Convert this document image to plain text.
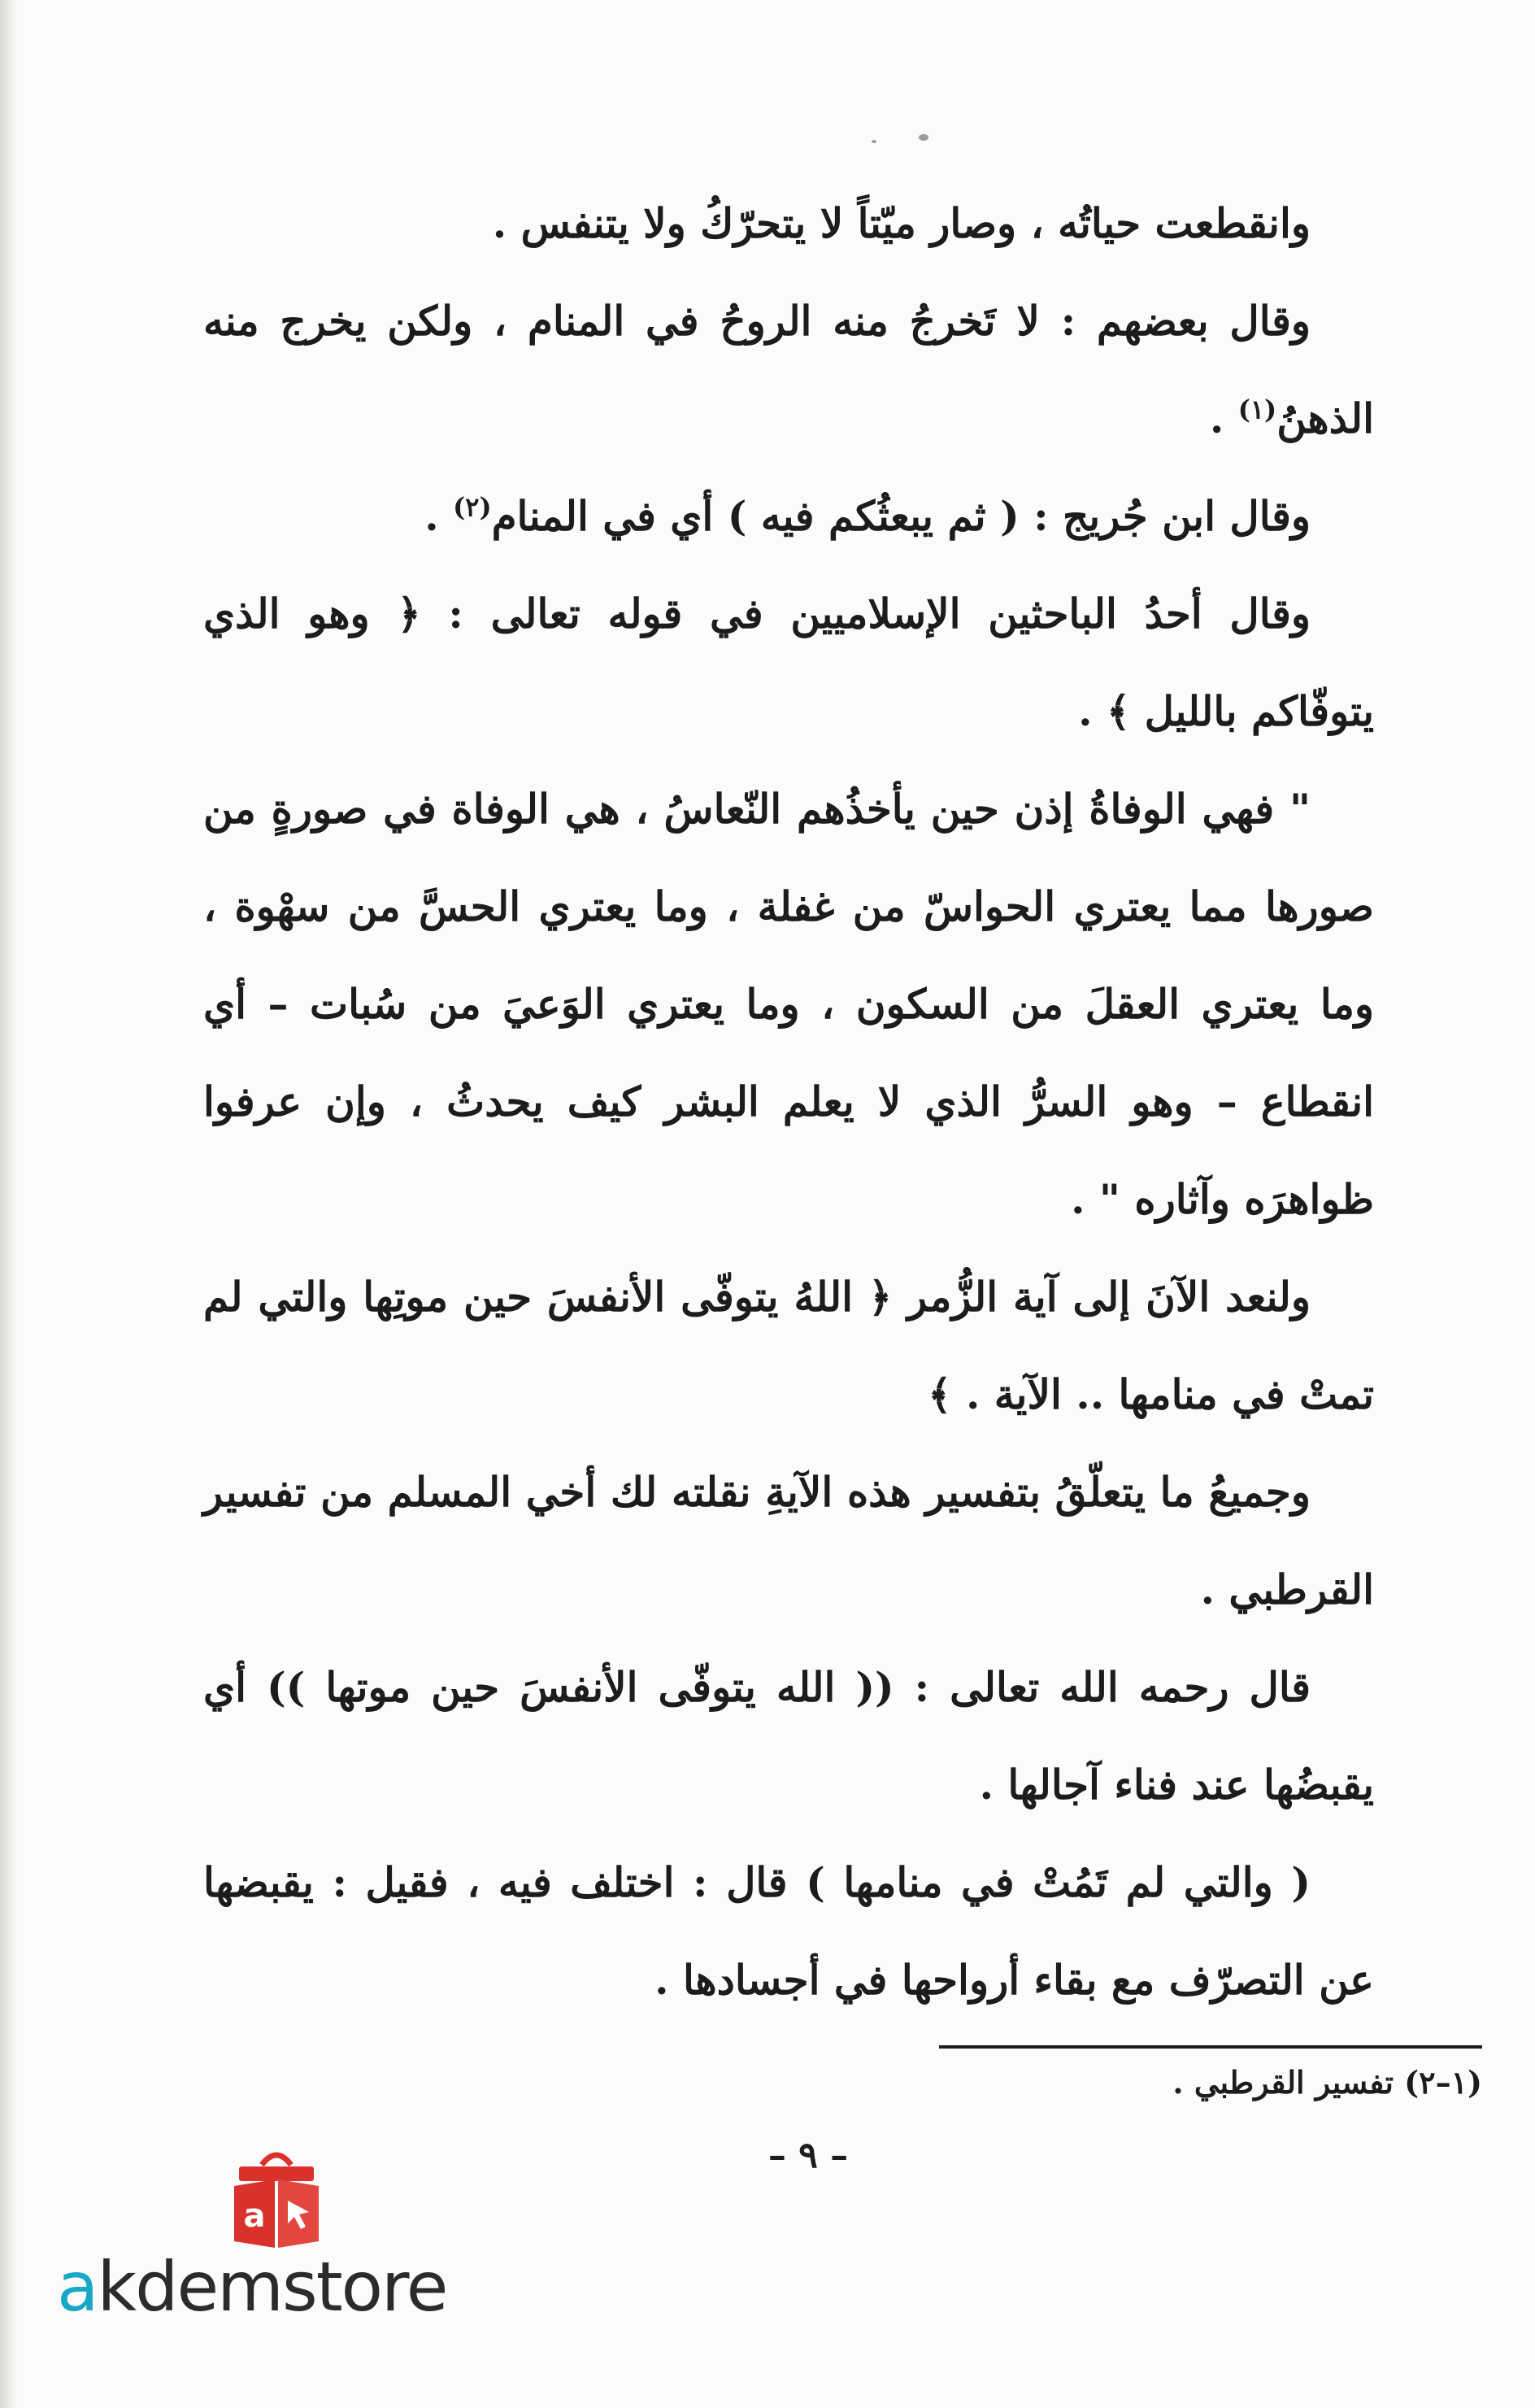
وانقطعت حياتُه ، وصار ميّتاً لا يتحرّكُ ولا يتنفس .

وقال بعضهم : لا تَخرجُ منه الروحُ في المنام ، ولكن يخرج منه الذهنُ$^{(١)}$ .

وقال ابن جُريج : ( ثم يبعثُكم فيه ) أي في المنام$^{(٢)}$ .

وقال أحدُ الباحثين الإسلاميين في قوله تعالى : ﴿ وهو الذي يتوفّاكم بالليل ﴾ .

" فهي الوفاةُ إذن حين يأخذُهم النّعاسُ ، هي الوفاة في صورةٍ من صورها مما يعتري الحواسّ من غفلة ، وما يعتري الحسَّ من سهْوة ، وما يعتري العقلَ من السكون ، وما يعتري الوَعيَ من سُبات – أي انقطاع – وهو السرُّ الذي لا يعلم البشر كيف يحدثُ ، وإن عرفوا ظواهرَه وآثاره " .

ولنعد الآنَ إلى آية الزُّمر ﴿ اللهُ يتوفّى الأنفسَ حين موتِها والتي لم تمتْ في منامها .. الآية . ﴾

وجميعُ ما يتعلّقُ بتفسير هذه الآيةِ نقلته لك أخي المسلم من تفسير القرطبي .

قال رحمه الله تعالى : (( الله يتوفّى الأنفسَ حين موتها )) أي يقبضُها عند فناء آجالها .

( والتي لم تَمُتْ في منامها ) قال : اختلف فيه ، فقيل : يقبضها عن التصرّف مع بقاء أرواحها في أجسادها .

(١–٢) تفسير القرطبي .
– ٩ –
a
akdemstore
